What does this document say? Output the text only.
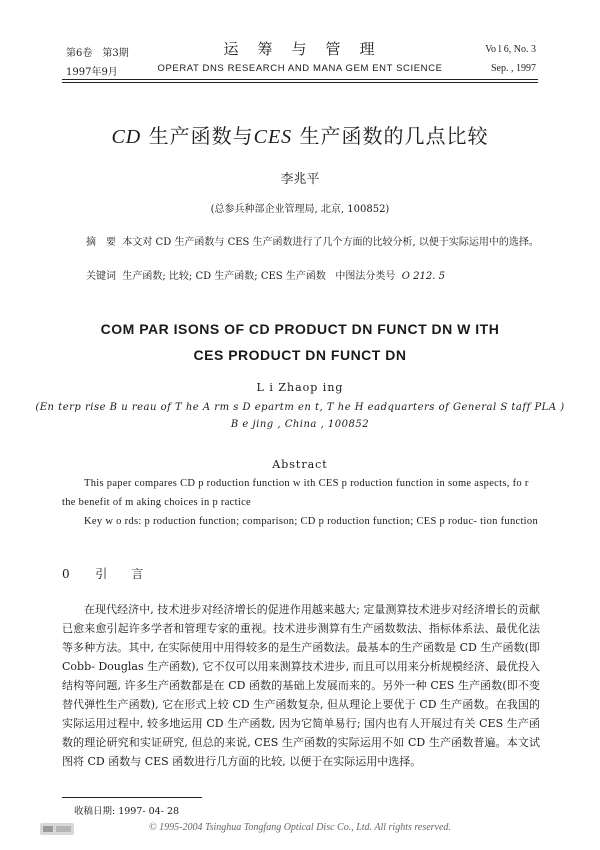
第6卷　第3期
1997年9月
运　筹　与　管　理
OPERAT DNS RESEARCH AND MANA GEM ENT SCIENCE
Vo l 6, No. 3
Sep. , 1997
CD 生产函数与CES 生产函数的几点比较
李兆平
(总参兵种部企业管理局, 北京, 100852)
摘　要 本文对 CD 生产函数与 CES 生产函数进行了几个方面的比较分析, 以便于实际运用中的选择。
关键词 生产函数; 比较; CD 生产函数; CES 生产函数 中图法分类号 O 212. 5
COM PAR ISONS OF CD PRODUCT DN FUNCT DN W ITH
CES PRODUCT DN FUNCT DN
L i Zhaop ing
(En terp rise B u reau of T he A rm s D epartm en t, T he H eadquarters of General S taff PLA )
B e jing , China , 100852
Abstract
This paper compares CD p roduction function w ith CES p roduction function in some aspects, fo r the benefit of m aking choices in p ractice
Key w o rds: p roduction function; comparison; CD p roduction function; CES p roduc- tion function
0 引　言
在现代经济中, 技术进步对经济增长的促进作用越来越大; 定量测算技术进步对经济增长的贡献已愈来愈引起许多学者和管理专家的重视。技术进步测算有生产函数数法、指标体系法、最优化法等多种方法。其中, 在实际使用中用得较多的是生产函数法。最基本的生产函数是 CD 生产函数(即 Cobb- Douglas 生产函数), 它不仅可以用来测算技术进步, 而且可以用来分析规模经济、最优投入结构等问题, 许多生产函数都是在 CD 函数的基础上发展而来的。另外一种 CES 生产函数(即不变替代弹性生产函数), 它在形式上较 CD 生产函数复杂, 但从理论上要优于 CD 生产函数。在我国的实际运用过程中, 较多地运用 CD 生产函数, 因为它简单易行; 国内也有人开展过有关 CES 生产函数的理论研究和实证研究, 但总的来说, CES 生产函数的实际运用不如 CD 生产函数普遍。本文试图将 CD 函数与 CES 函数进行几方面的比较, 以便于在实际运用中选择。
收稿日期: 1997- 04- 28
© 1995-2004 Tsinghua Tongfang Optical Disc Co., Ltd. All rights reserved.
